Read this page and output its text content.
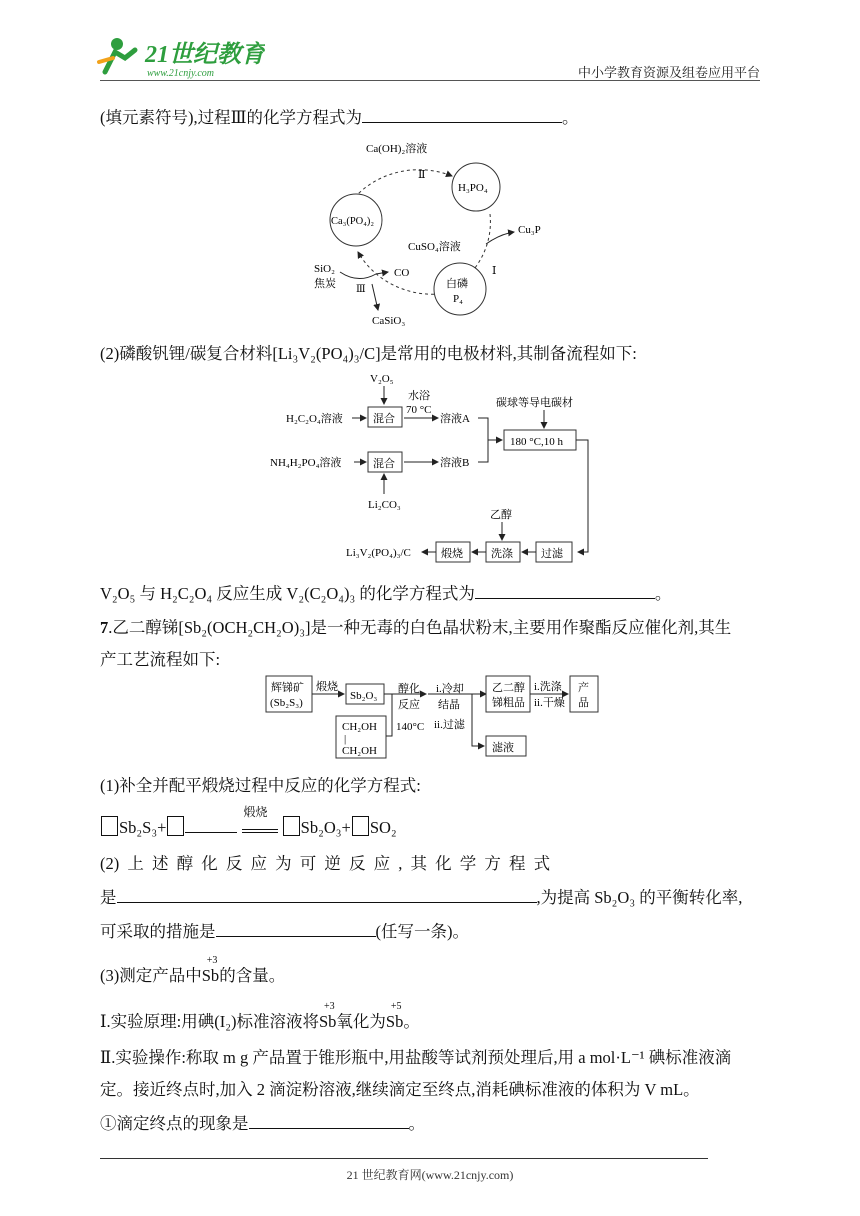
21世纪教育
www.21cnjy.com	中小学教育资源及组卷应用平台
(填元素符号),过程Ⅲ的化学方程式为	。
Ca(OH)₂溶液
Ⅱ
H₃PO₄
Ca₃(PO₄)₂
CuSO₄溶液
Cu₃P
Ⅰ
SiO₂
焦炭
CO
Ⅲ	白磷
P₄
CaSiO₃
(2)磷酸钒锂/碳复合材料[Li₃V₂(PO₄)₃/C]是常用的电极材料,其制备流程如下:
V₂O₅
H₂C₂O₄溶液	混合
水浴
70 °C
溶液A
碳球等导电碳材
180 °C,10 h
NH₄H₂PO₄溶液	混合	溶液B
Li₂CO₃
乙醇
过滤
洗涤
煅烧
Li₃V₂(PO₄)₃/C
V₂O₅ 与 H₂C₂O₄ 反应生成 V₂(C₂O₄)₃ 的化学方程式为	。
7.乙二醇锑[Sb₂(OCH₂CH₂O)₃]是一种无毒的白色晶状粉末,主要用作聚酯反应催化剂,其生
产工艺流程如下:
辉锑矿
(Sb₂S₃)
煅烧
Sb₂O₃
醇化
反应
140°C
CH₂OH
|
CH₂OH
i.冷却
结晶
ii.过滤
乙二醇
锑粗品
i.洗涤
ii.干燥
产
品
滤液
(1)补全并配平煅烧过程中反应的化学方程式:
Sb₂S₃+
煅烧
Sb₂O₃+ SO₂
(2) 上 述 醇 化 反 应 为 可 逆 反 应 , 其 化 学 方 程 式
是	,为提高 Sb₂O₃ 的平衡转化率,
可采取的措施是	(任写一条)。
(3)测定产品中
+3
Sb的含量。
Ⅰ.实验原理:用碘(I₂)标准溶液将
+3
Sb氧化为
+5
Sb。
Ⅱ.实验操作:称取 m g 产品置于锥形瓶中,用盐酸等试剂预处理后,用 a mol·L⁻¹ 碘标准液滴
定。接近终点时,加入 2 滴淀粉溶液,继续滴定至终点,消耗碘标准液的体积为 V mL。
①滴定终点的现象是	。
21 世纪教育网(www.21cnjy.com)
